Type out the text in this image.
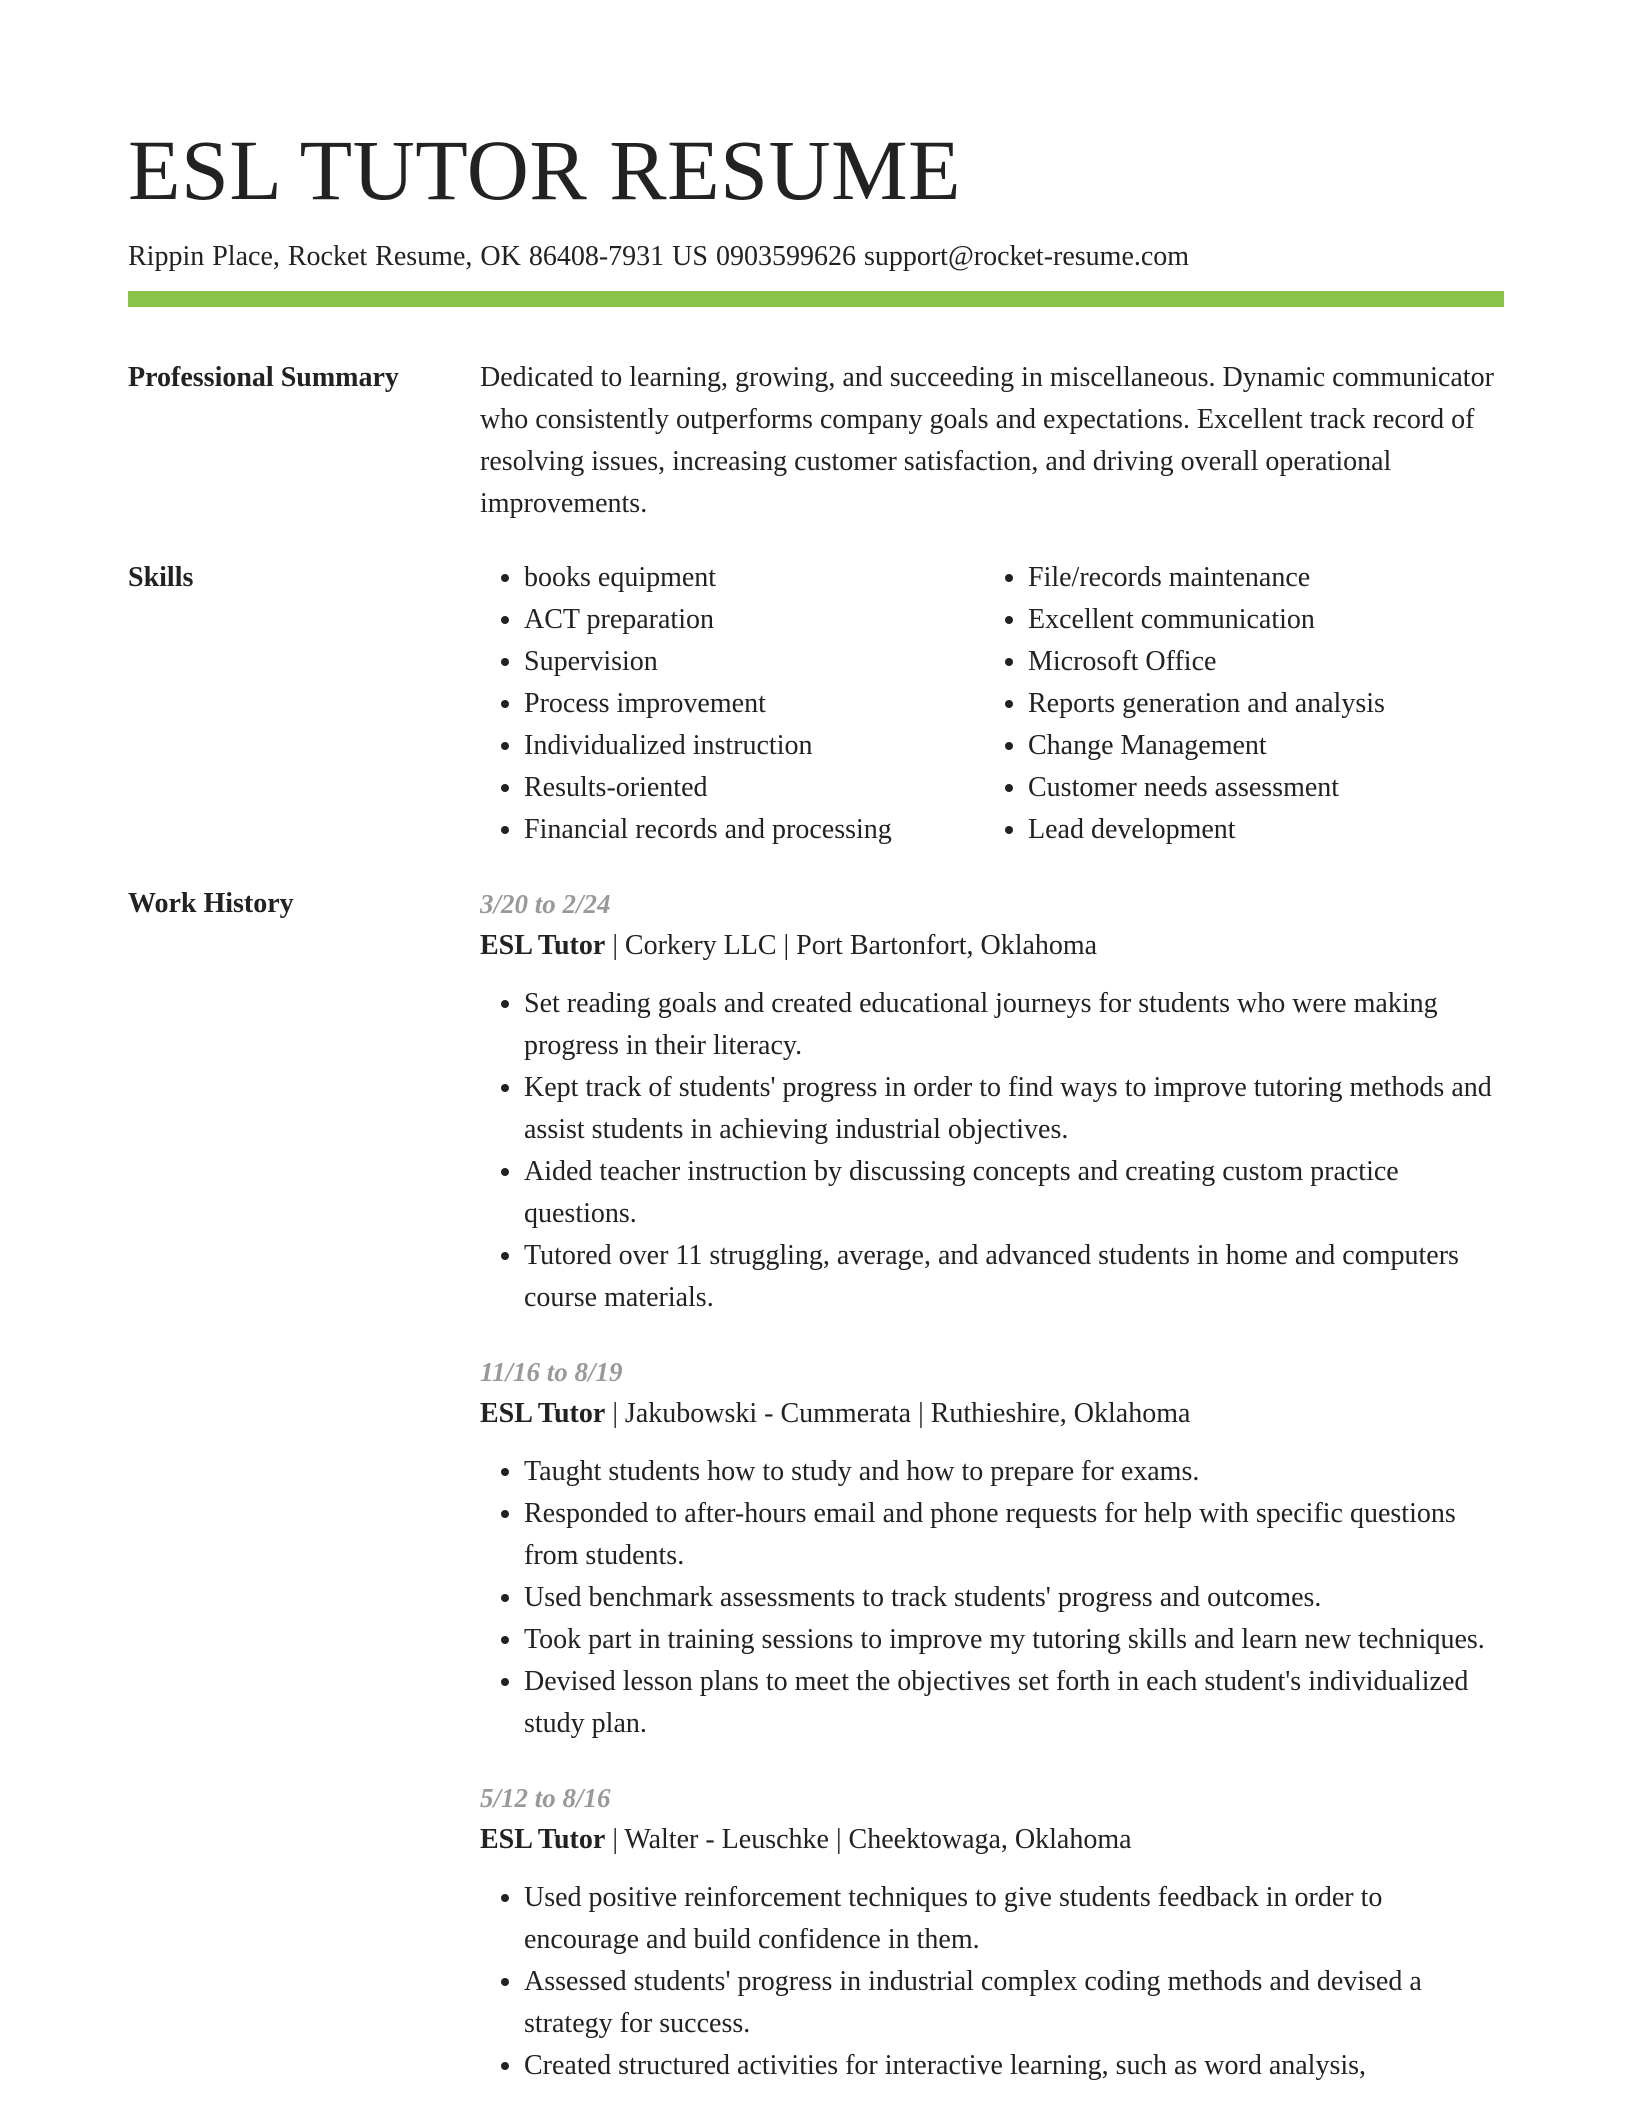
ESL TUTOR RESUME
Rippin Place, Rocket Resume, OK 86408-7931 US 0903599626 support@rocket-resume.com
Professional Summary	Dedicated to learning, growing, and succeeding in miscellaneous. Dynamic communicator who consistently outperforms company goals and expectations. Excellent track record of resolving issues, increasing customer satisfaction, and driving overall operational improvements.
Skills
•	books equipment
• ACT preparation
• Supervision
• Process improvement
• Individualized instruction
• Results-oriented
• Financial records and processing
• File/records maintenance
• Excellent communication
• Microsoft Office
• Reports generation and analysis
• Change Management
• Customer needs assessment
• Lead development
Work History	3/20 to 2/24
ESL Tutor | Corkery LLC | Port Bartonfort, Oklahoma
• Set reading goals and created educational journeys for students who were making progress in their literacy.
• Kept track of students' progress in order to find ways to improve tutoring methods and assist students in achieving industrial objectives.
• Aided teacher instruction by discussing concepts and creating custom practice questions.
• Tutored over 11 struggling, average, and advanced students in home and computers course materials.
11/16 to 8/19
ESL Tutor | Jakubowski - Cummerata | Ruthieshire, Oklahoma
• Taught students how to study and how to prepare for exams.
• Responded to after-hours email and phone requests for help with specific questions from students.
• Used benchmark assessments to track students' progress and outcomes.
• Took part in training sessions to improve my tutoring skills and learn new techniques.
• Devised lesson plans to meet the objectives set forth in each student's individualized study plan.
5/12 to 8/16
ESL Tutor | Walter - Leuschke | Cheektowaga, Oklahoma
• Used positive reinforcement techniques to give students feedback in order to encourage and build confidence in them.
• Assessed students' progress in industrial complex coding methods and devised a strategy for success.
• Created structured activities for interactive learning, such as word analysis,
